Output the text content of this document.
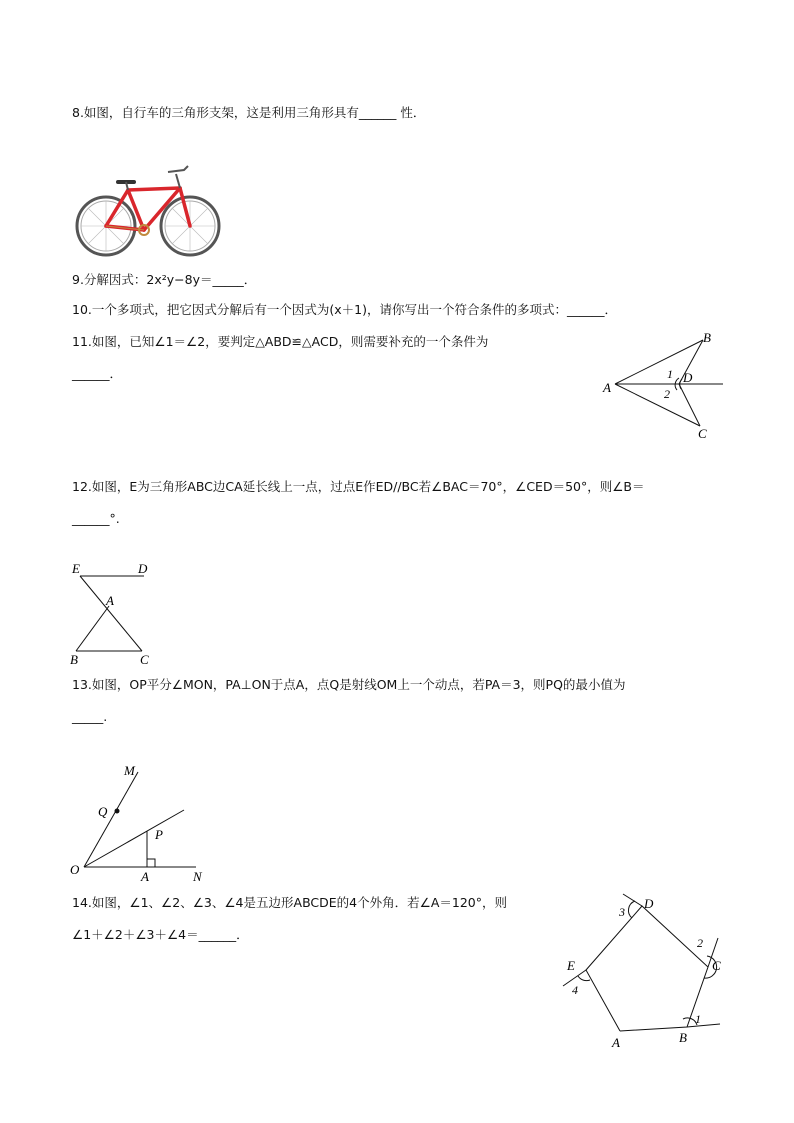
8.如图，自行车的三角形支架，这是利用三角形具有______ 性．
9.分解因式：2x²y−8y＝_____．
10.一个多项式，把它因式分解后有一个因式为(x＋1)，请你写出一个符合条件的多项式：______．
11.如图，已知∠1＝∠2，要判定△ABD≌△ACD，则需要补充的一个条件为
______．
A
B
C
D
1
2
12.如图，E为三角形ABC边CA延长线上一点，过点E作ED//BC若∠BAC＝70°，∠CED＝50°，则∠B＝
______°.
E	D
A
B	C
13.如图，OP平分∠MON，PA⊥ON于点A，点Q是射线OM上一个动点，若PA＝3，则PQ的最小值为
_____.
M
Q
P
O	A	N
14.如图，∠1、∠2、∠3、∠4是五边形ABCDE的4个外角．若∠A＝120°，则
∠1＋∠2＋∠3＋∠4＝______．
A	B
C
D
E
1
2
3
4
